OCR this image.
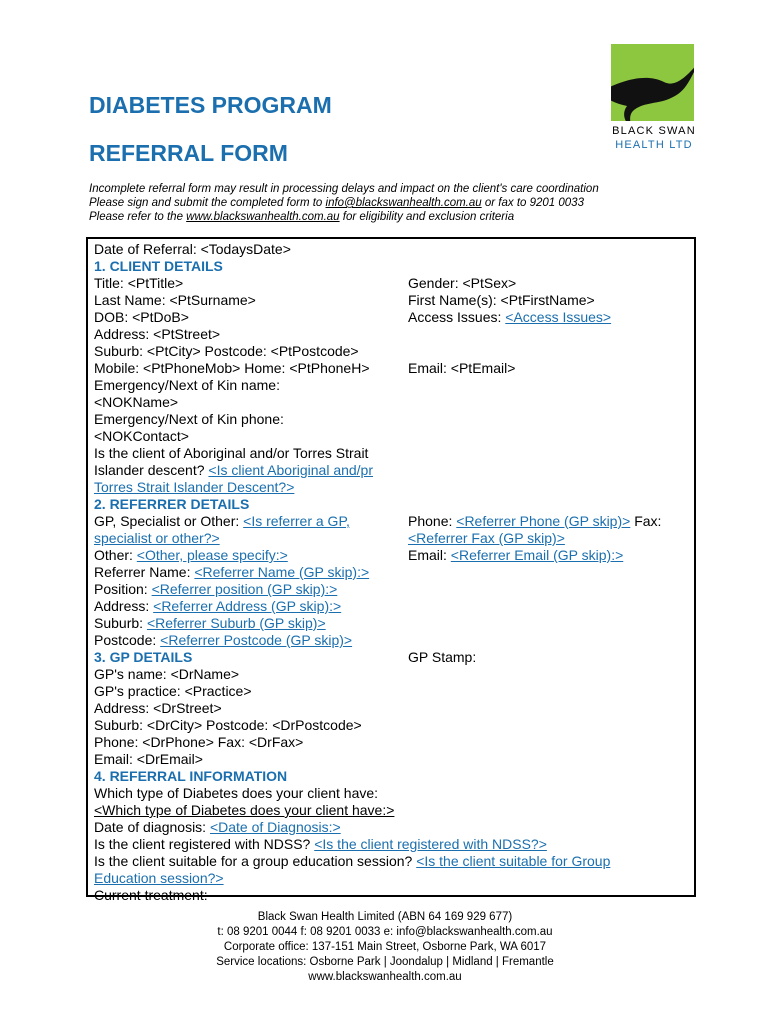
BLACK SWAN
HEALTH LTD
DIABETES PROGRAM
REFERRAL FORM
Incomplete referral form may result in processing delays and impact on the client's care coordination
Please sign and submit the completed form to info@blackswanhealth.com.au or fax to 9201 0033
Please refer to the www.blackswanhealth.com.au for eligibility and exclusion criteria
Date of Referral: <TodaysDate>
1. CLIENT DETAILS
Title: <PtTitle>	Gender: <PtSex>
Last Name: <PtSurname>	First Name(s): <PtFirstName>
DOB: <PtDoB>	Access Issues: <Access Issues>
Address: <PtStreet>
Suburb: <PtCity> Postcode: <PtPostcode>
Mobile: <PtPhoneMob> Home: <PtPhoneH>	Email: <PtEmail>
Emergency/Next of Kin name:
<NOKName>
Emergency/Next of Kin phone:
<NOKContact>
Is the client of Aboriginal and/or Torres Strait
Islander descent? <Is client Aboriginal and/pr
Torres Strait Islander Descent?>
2. REFERRER DETAILS
GP, Specialist or Other: <Is referrer a GP,	Phone: <Referrer Phone (GP skip)> Fax:
specialist or other?>	<Referrer Fax (GP skip)>
Other: <Other, please specify:>	Email: <Referrer Email (GP skip):>
Referrer Name: <Referrer Name (GP skip):>
Position: <Referrer position (GP skip):>
Address: <Referrer Address (GP skip):>
Suburb: <Referrer Suburb (GP skip)>
Postcode: <Referrer Postcode (GP skip)>
3. GP DETAILS	GP Stamp:
GP's name: <DrName>
GP's practice: <Practice>
Address: <DrStreet>
Suburb: <DrCity> Postcode: <DrPostcode>
Phone: <DrPhone> Fax: <DrFax>
Email: <DrEmail>
4. REFERRAL INFORMATION
Which type of Diabetes does your client have:
<Which type of Diabetes does your client have:>
Date of diagnosis: <Date of Diagnosis:>
Is the client registered with NDSS? <Is the client registered with NDSS?>
Is the client suitable for a group education session? <Is the client suitable for Group
Education session?>
Current treatment:
Black Swan Health Limited (ABN 64 169 929 677)
t: 08 9201 0044 f: 08 9201 0033 e: info@blackswanhealth.com.au
Corporate office: 137-151 Main Street, Osborne Park, WA 6017
Service locations: Osborne Park | Joondalup | Midland | Fremantle
www.blackswanhealth.com.au
